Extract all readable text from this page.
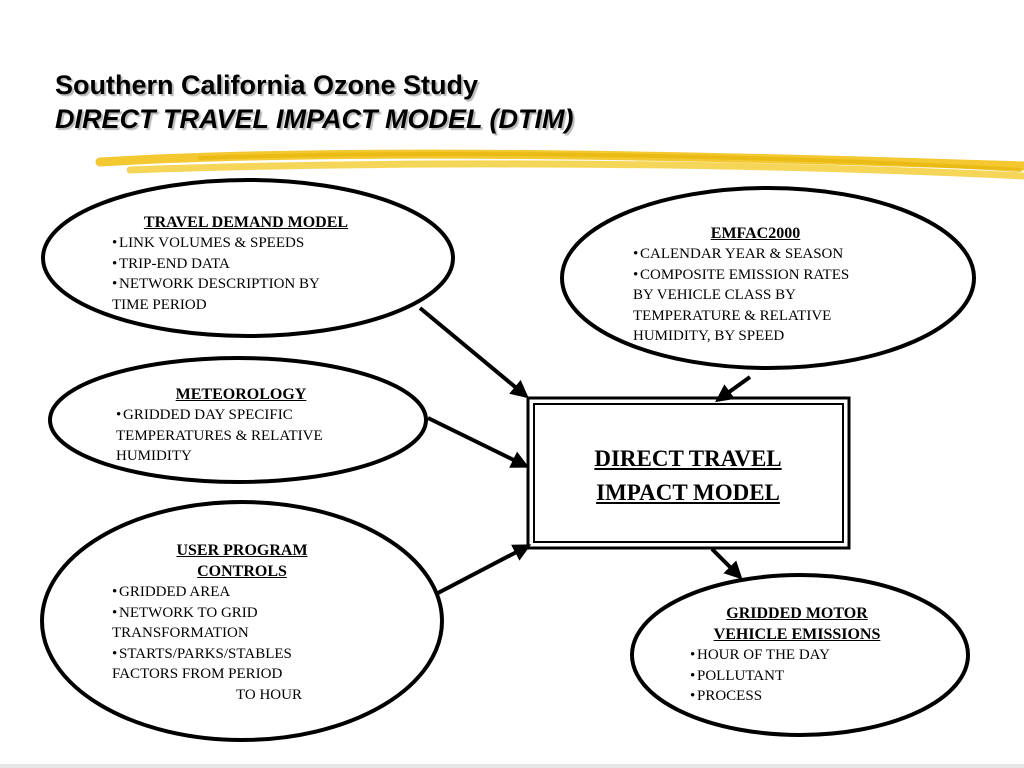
Southern California Ozone Study
DIRECT TRAVEL IMPACT MODEL (DTIM)
TRAVEL DEMAND MODEL
• LINK VOLUMES & SPEEDS
• TRIP-END DATA
• NETWORK DESCRIPTION BY
TIME PERIOD
EMFAC2000
• CALENDAR YEAR & SEASON
• COMPOSITE EMISSION RATES
BY VEHICLE CLASS BY
TEMPERATURE & RELATIVE
HUMIDITY, BY SPEED
METEOROLOGY
• GRIDDED DAY SPECIFIC
TEMPERATURES & RELATIVE
HUMIDITY
USER PROGRAM
CONTROLS
• GRIDDED AREA
• NETWORK TO GRID
TRANSFORMATION
• STARTS/PARKS/STABLES
FACTORS FROM PERIOD
TO HOUR
DIRECT TRAVEL
IMPACT MODEL
GRIDDED MOTOR
VEHICLE EMISSIONS
• HOUR OF THE DAY
• POLLUTANT
• PROCESS
